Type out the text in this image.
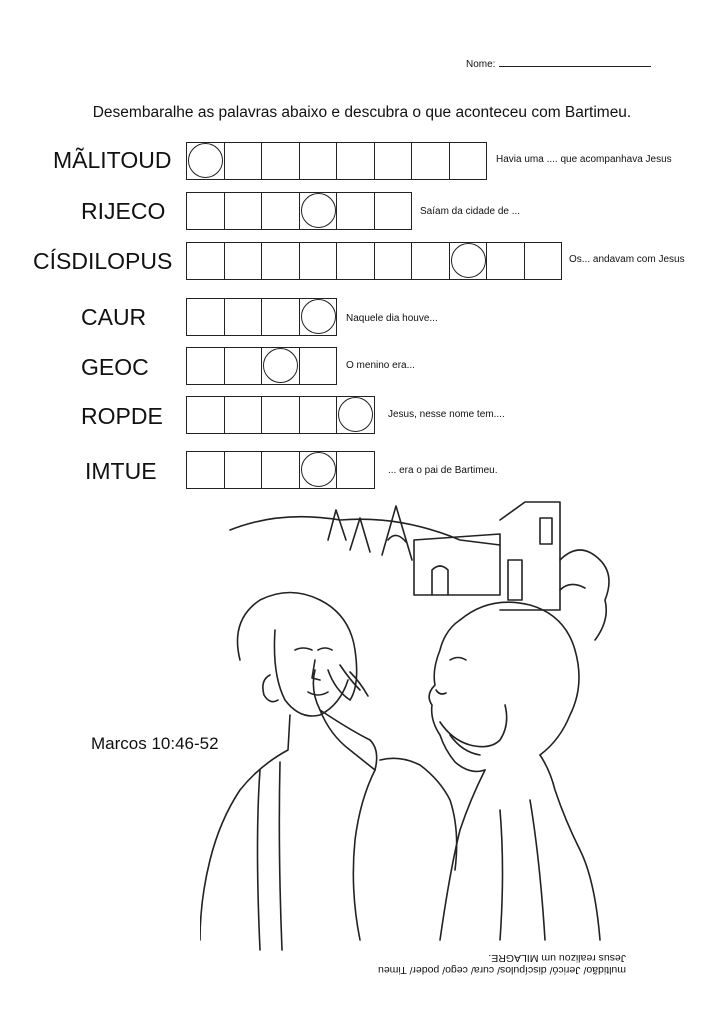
Nome:
Desembaralhe as palavras abaixo e descubra o que aconteceu com Bartimeu.
MÃLITOUD	Havia uma .... que acompanhava Jesus
RIJECO	Saíam da cidade de ...
CÍSDILOPUS	Os... andavam com Jesus
CAUR	Naquele dia houve...
GEOC	O menino era...
ROPDE	Jesus, nesse nome tem....
IMTUE	... era o pai de Bartimeu.
Marcos 10:46-52
multidão/ Jericó/ discípulos/ cura/ cego/ poder/ Timeu
Jesus realizou um MILAGRE.
